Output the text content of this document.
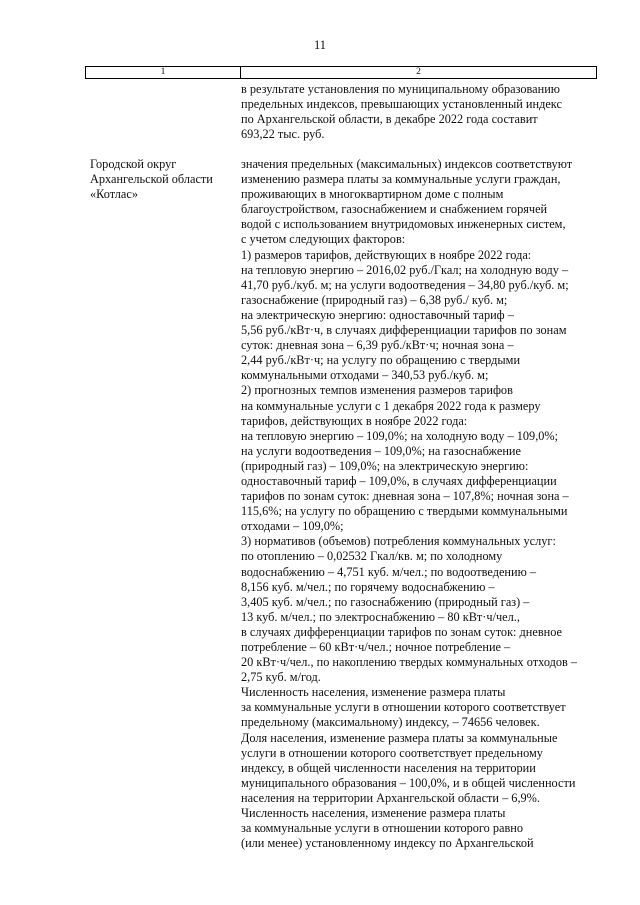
11
1	2
в результате установления по муниципальному образованию
предельных индексов, превышающих установленный индекс
по Архангельской области, в декабре 2022 года составит
693,22 тыс. руб.
Городской округ
Архангельской области
«Котлас»
значения предельных (максимальных) индексов соответствуют
изменению размера платы за коммунальные услуги граждан,
проживающих в многоквартирном доме с полным
благоустройством, газоснабжением и снабжением горячей
водой с использованием внутридомовых инженерных систем,
с учетом следующих факторов:
1) размеров тарифов, действующих в ноябре 2022 года:
на тепловую энергию – 2016,02 руб./Гкал; на холодную воду –
41,70 руб./куб. м; на услуги водоотведения – 34,80 руб./куб. м;
газоснабжение (природный газ) – 6,38 руб./ куб. м;
на электрическую энергию: одноставочный тариф –
5,56 руб./кВт·ч, в случаях дифференциации тарифов по зонам
суток: дневная зона – 6,39 руб./кВт·ч; ночная зона –
2,44 руб./кВт·ч; на услугу по обращению с твердыми
коммунальными отходами – 340,53 руб./куб. м;
2) прогнозных темпов изменения размеров тарифов
на коммунальные услуги с 1 декабря 2022 года к размеру
тарифов, действующих в ноябре 2022 года:
на тепловую энергию – 109,0%; на холодную воду – 109,0%;
на услуги водоотведения – 109,0%; на газоснабжение
(природный газ) – 109,0%; на электрическую энергию:
одноставочный тариф – 109,0%, в случаях дифференциации
тарифов по зонам суток: дневная зона – 107,8%; ночная зона –
115,6%; на услугу по обращению с твердыми коммунальными
отходами – 109,0%;
3) нормативов (объемов) потребления коммунальных услуг:
по отоплению – 0,02532 Гкал/кв. м; по холодному
водоснабжению – 4,751 куб. м/чел.; по водоотведению –
8,156 куб. м/чел.; по горячему водоснабжению –
3,405 куб. м/чел.; по газоснабжению (природный газ) –
13 куб. м/чел.; по электроснабжению – 80 кВт·ч/чел.,
в случаях дифференциации тарифов по зонам суток: дневное
потребление – 60 кВт·ч/чел.; ночное потребление –
20 кВт·ч/чел., по накоплению твердых коммунальных отходов –
2,75 куб. м/год.
Численность населения, изменение размера платы
за коммунальные услуги в отношении которого соответствует
предельному (максимальному) индексу, – 74656 человек.
Доля населения, изменение размера платы за коммунальные
услуги в отношении которого соответствует предельному
индексу, в общей численности населения на территории
муниципального образования – 100,0%, и в общей численности
населения на территории Архангельской области – 6,9%.
Численность населения, изменение размера платы
за коммунальные услуги в отношении которого равно
(или менее) установленному индексу по Архангельской
